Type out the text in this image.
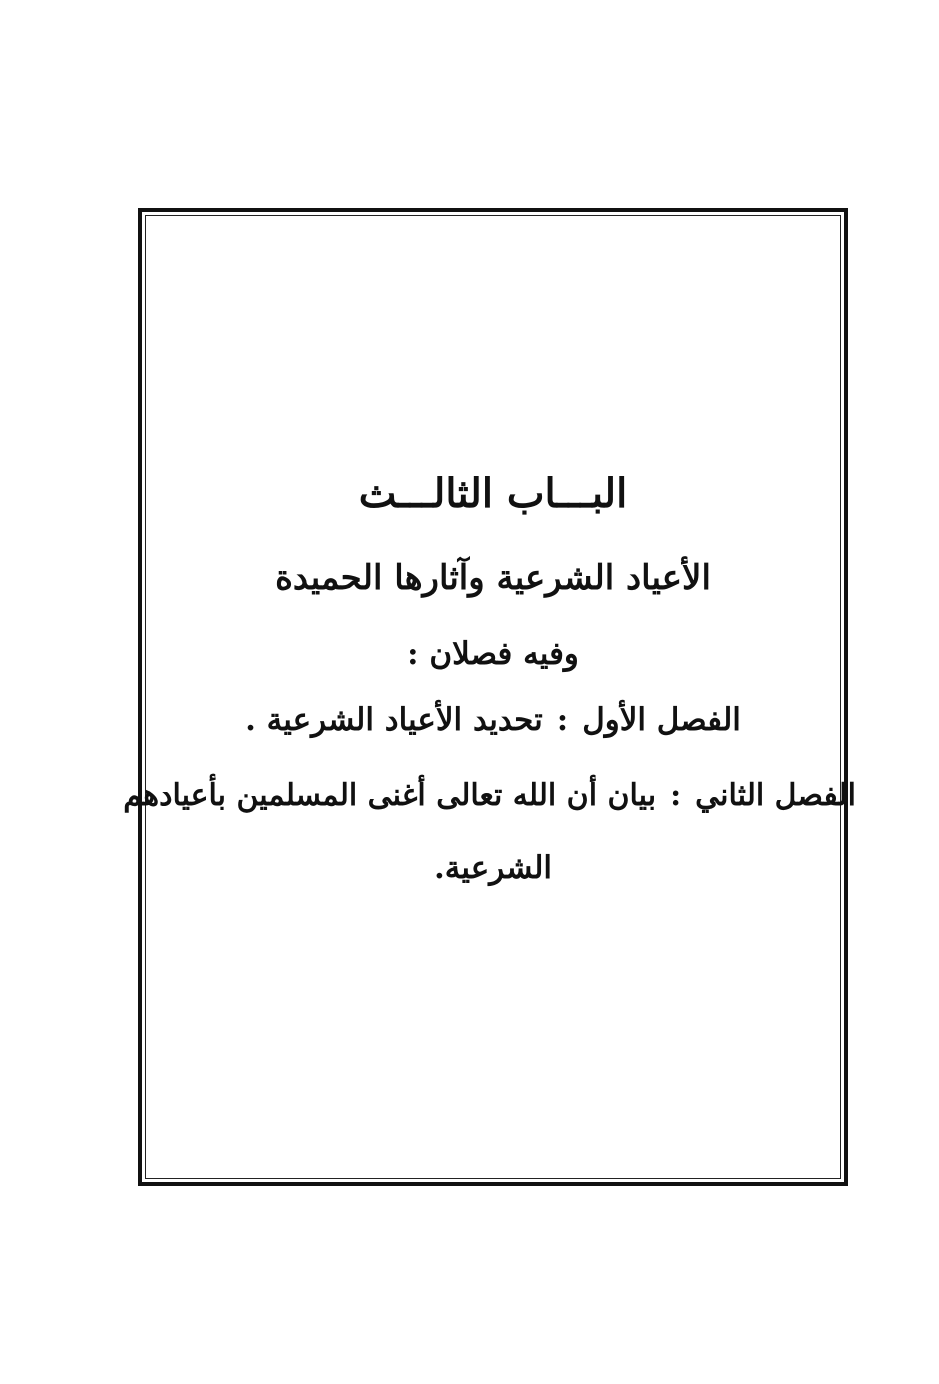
البـــاب الثالـــث
الأعياد الشرعية وآثارها الحميدة
وفيه فصلان :
الفصل الأول:تحديد الأعياد الشرعية .
الفصل الثاني:بيان أن الله تعالى أغنى المسلمين بأعيادهم
الشرعية.
